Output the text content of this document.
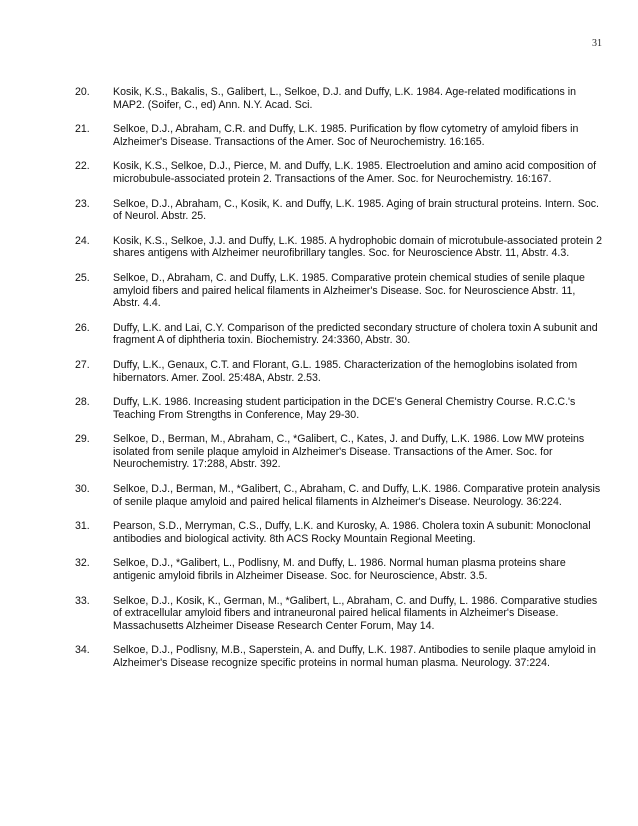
31
20.	Kosik, K.S., Bakalis, S., Galibert, L., Selkoe, D.J. and Duffy, L.K. 1984. Age-related modifications in MAP2. (Soifer, C., ed) Ann. N.Y. Acad. Sci.
21.	Selkoe, D.J., Abraham, C.R. and Duffy, L.K. 1985. Purification by flow cytometry of amyloid fibers in Alzheimer's Disease. Transactions of the Amer. Soc of Neurochemistry. 16:165.
22.	Kosik, K.S., Selkoe, D.J., Pierce, M. and Duffy, L.K. 1985. Electroelution and amino acid composition of microbubule-associated protein 2. Transactions of the Amer. Soc. for Neurochemistry. 16:167.
23.	Selkoe, D.J., Abraham, C., Kosik, K. and Duffy, L.K. 1985. Aging of brain structural proteins. Intern. Soc. of Neurol. Abstr. 25.
24.	Kosik, K.S., Selkoe, J.J. and Duffy, L.K. 1985. A hydrophobic domain of microtubule-associated protein 2 shares antigens with Alzheimer neurofibrillary tangles. Soc. for Neuroscience Abstr. 11, Abstr. 4.3.
25.	Selkoe, D., Abraham, C. and Duffy, L.K. 1985. Comparative protein chemical studies of senile plaque amyloid fibers and paired helical filaments in Alzheimer's Disease. Soc. for Neuroscience Abstr. 11, Abstr. 4.4.
26.	Duffy, L.K. and Lai, C.Y. Comparison of the predicted secondary structure of cholera toxin A subunit and fragment A of diphtheria toxin. Biochemistry. 24:3360, Abstr. 30.
27.	Duffy, L.K., Genaux, C.T. and Florant, G.L. 1985. Characterization of the hemoglobins isolated from hibernators. Amer. Zool. 25:48A, Abstr. 2.53.
28.	Duffy, L.K. 1986. Increasing student participation in the DCE's General Chemistry Course. R.C.C.'s Teaching From Strengths in Conference, May 29-30.
29.	Selkoe, D., Berman, M., Abraham, C., *Galibert, C., Kates, J. and Duffy, L.K. 1986. Low MW proteins isolated from senile plaque amyloid in Alzheimer's Disease. Transactions of the Amer. Soc. for Neurochemistry. 17:288, Abstr. 392.
30.	Selkoe, D.J., Berman, M., *Galibert, C., Abraham, C. and Duffy, L.K. 1986. Comparative protein analysis of senile plaque amyloid and paired helical filaments in Alzheimer's Disease. Neurology. 36:224.
31.	Pearson, S.D., Merryman, C.S., Duffy, L.K. and Kurosky, A. 1986. Cholera toxin A subunit: Monoclonal antibodies and biological activity. 8th ACS Rocky Mountain Regional Meeting.
32.	Selkoe, D.J., *Galibert, L., Podlisny, M. and Duffy, L. 1986. Normal human plasma proteins share antigenic amyloid fibrils in Alzheimer Disease. Soc. for Neuroscience, Abstr. 3.5.
33.	Selkoe, D.J., Kosik, K., German, M., *Galibert, L., Abraham, C. and Duffy, L. 1986. Comparative studies of extracellular amyloid fibers and intraneuronal paired helical filaments in Alzheimer's Disease. Massachusetts Alzheimer Disease Research Center Forum, May 14.
34.	Selkoe, D.J., Podlisny, M.B., Saperstein, A. and Duffy, L.K. 1987. Antibodies to senile plaque amyloid in Alzheimer's Disease recognize specific proteins in normal human plasma. Neurology. 37:224.
